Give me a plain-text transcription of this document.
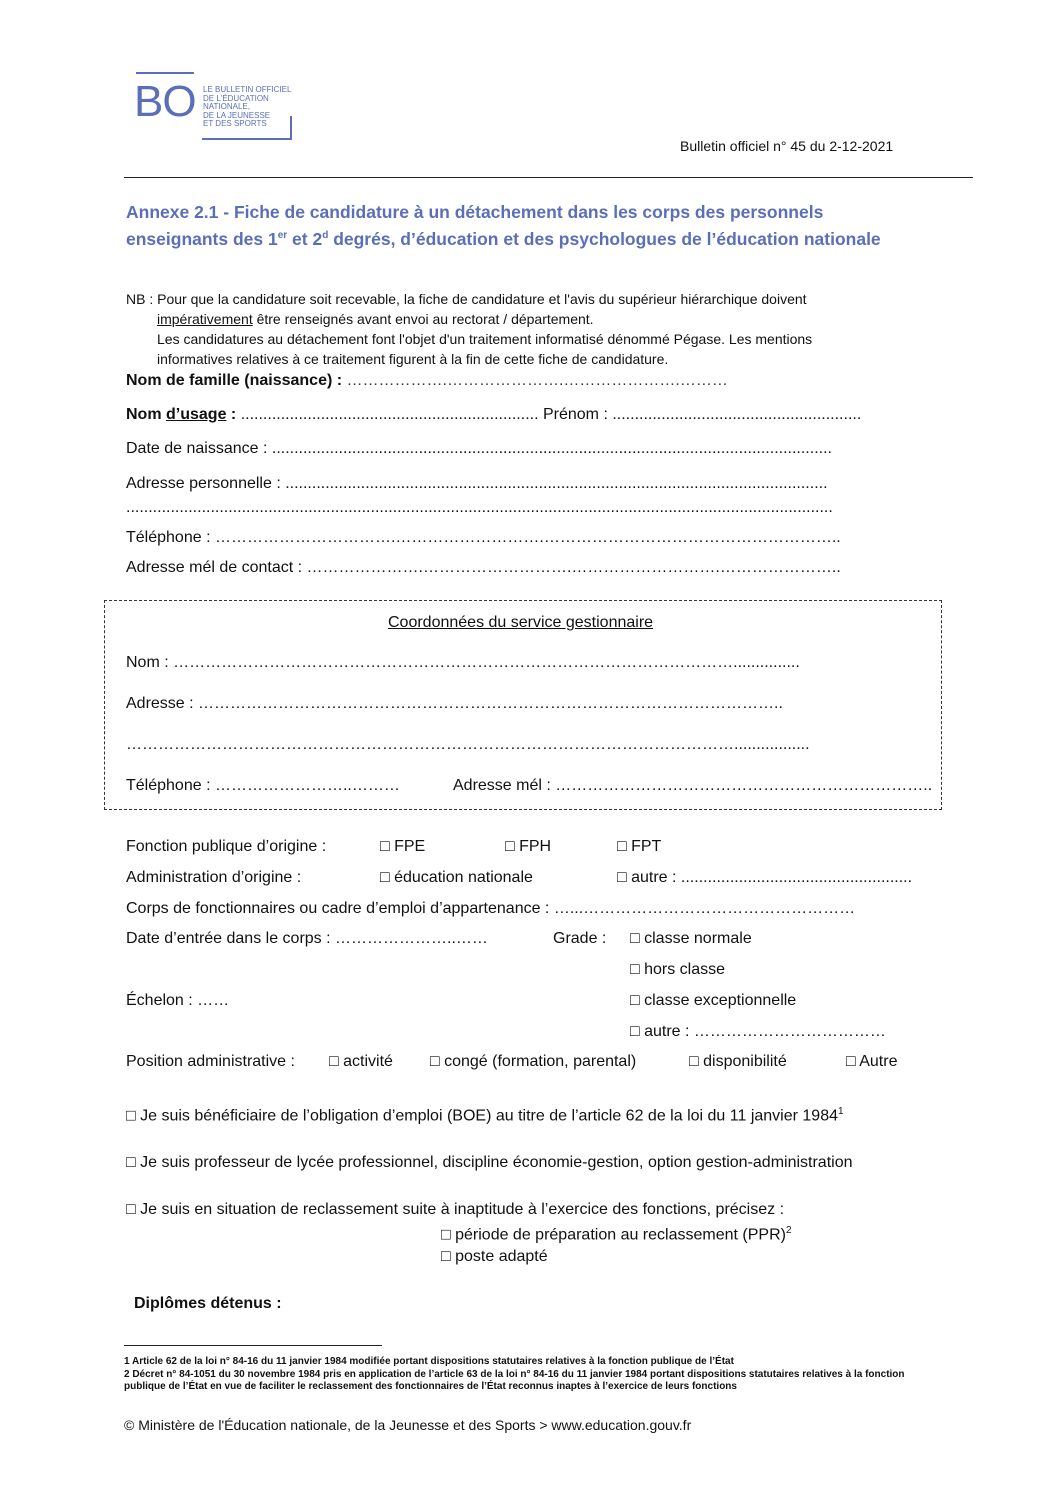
BO LE BULLETIN OFFICIEL
DE L'ÉDUCATION
NATIONALE,
DE LA JEUNESSE
ET DES SPORTS
Bulletin officiel n° 45 du 2-12-2021
Annexe 2.1 - Fiche de candidature à un détachement dans les corps des personnels enseignants des 1er et 2$^d$ degrés, d’éducation et des psychologues de l’éducation nationale
NB : Pour que la candidature soit recevable, la fiche de candidature et l'avis du supérieur hiérarchique doivent
impérativement être renseignés avant envoi au rectorat / département.
Les candidatures au détachement font l'objet d'un traitement informatisé dénommé Pégase. Les mentions
informatives relatives à ce traitement figurent à la fin de cette fiche de candidature.
Nom de famille (naissance) : ……………….………………….………………….………
Nom d’usage : ................................................................... Prénom : ........................................................
Date de naissance : ..............................................................................................................................
Adresse personnelle : ..........................................................................................................................
...............................................................................................................................................................
Téléphone : …………………………….……………………….………………………………………………..
Adresse mél de contact : ………………….……………………….……………………….…………………..
Coordonnées du service gestionnaire
Nom : ……………………………………………………………………………………………...............
Adresse : ………………………………………………………………………………………………..
…………………………………………………………………………………………………….................
Téléphone : ……………………..………	Adresse mél : ……………………………………………………………..
Fonction publique d’origine :	□ FPE	□ FPH	□ FPT
Administration d’origine :	□ éducation nationale	□ autre : ....................................................
Corps de fonctionnaires ou cadre d’emploi d’appartenance : …...……………………………………………
Date d’entrée dans le corps : …………………..……	Grade : □ classe normale
□ hors classe
Échelon : ……	□ classe exceptionnelle
□ autre : ………………………………
Position administrative : □ activité □ congé (formation, parental)	□ disponibilité	□ Autre
□ Je suis bénéficiaire de l’obligation d’emploi (BOE) au titre de l’article 62 de la loi du 11 janvier 1984$^1$
□ Je suis professeur de lycée professionnel, discipline économie-gestion, option gestion-administration
□ Je suis en situation de reclassement suite à inaptitude à l’exercice des fonctions, précisez :
□ période de préparation au reclassement (PPR)$^2$
□ poste adapté
Diplômes détenus :
1 Article 62 de la loi n° 84-16 du 11 janvier 1984 modifiée portant dispositions statutaires relatives à la fonction publique de l’État
2 Décret n° 84-1051 du 30 novembre 1984 pris en application de l’article 63 de la loi n° 84-16 du 11 janvier 1984 portant dispositions statutaires relatives à la fonction publique de l’État en vue de faciliter le reclassement des fonctionnaires de l’État reconnus inaptes à l’exercice de leurs fonctions
© Ministère de l'Éducation nationale, de la Jeunesse et des Sports > www.education.gouv.fr
